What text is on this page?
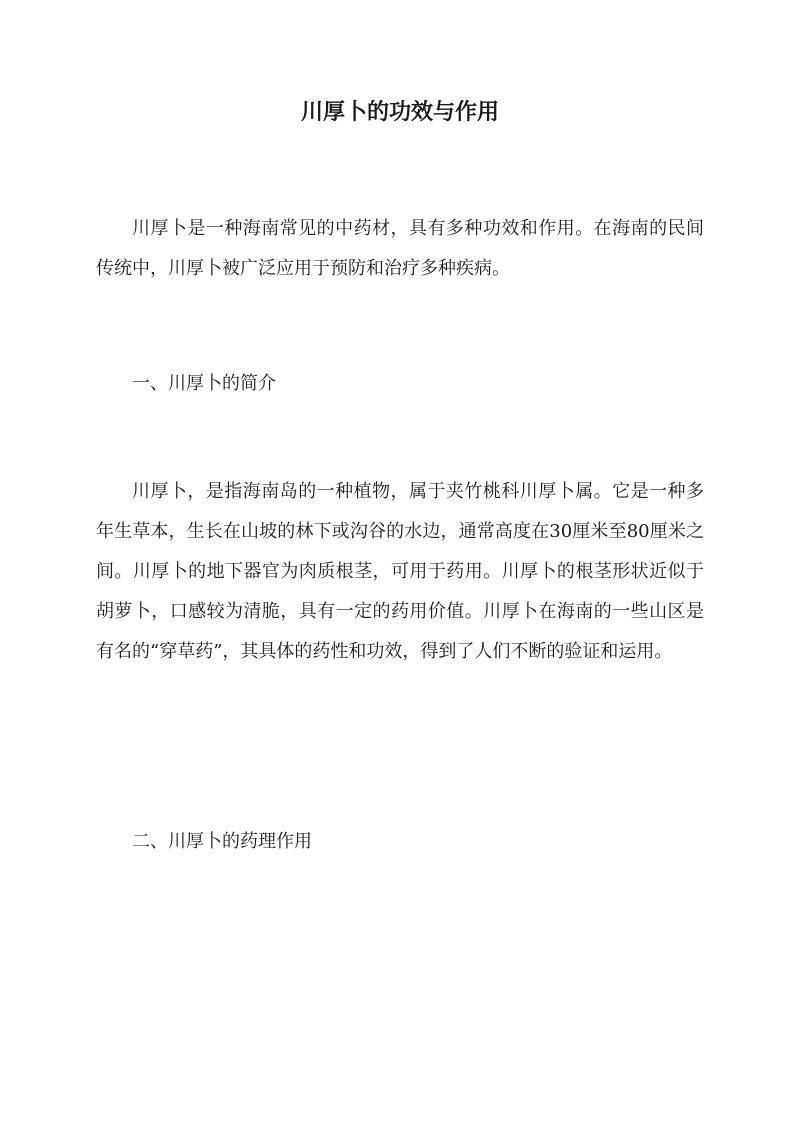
川厚卜的功效与作用

川厚卜是一种海南常见的中药材，具有多种功效和作用。在海南的民间传统中，川厚卜被广泛应用于预防和治疗多种疾病。

一、川厚卜的简介

川厚卜，是指海南岛的一种植物，属于夹竹桃科川厚卜属。它是一种多年生草本，生长在山坡的林下或沟谷的水边，通常高度在30厘米至80厘米之间。川厚卜的地下器官为肉质根茎，可用于药用。川厚卜的根茎形状近似于胡萝卜，口感较为清脆，具有一定的药用价值。川厚卜在海南的一些山区是有名的“穿草药”，其具体的药性和功效，得到了人们不断的验证和运用。

二、川厚卜的药理作用
